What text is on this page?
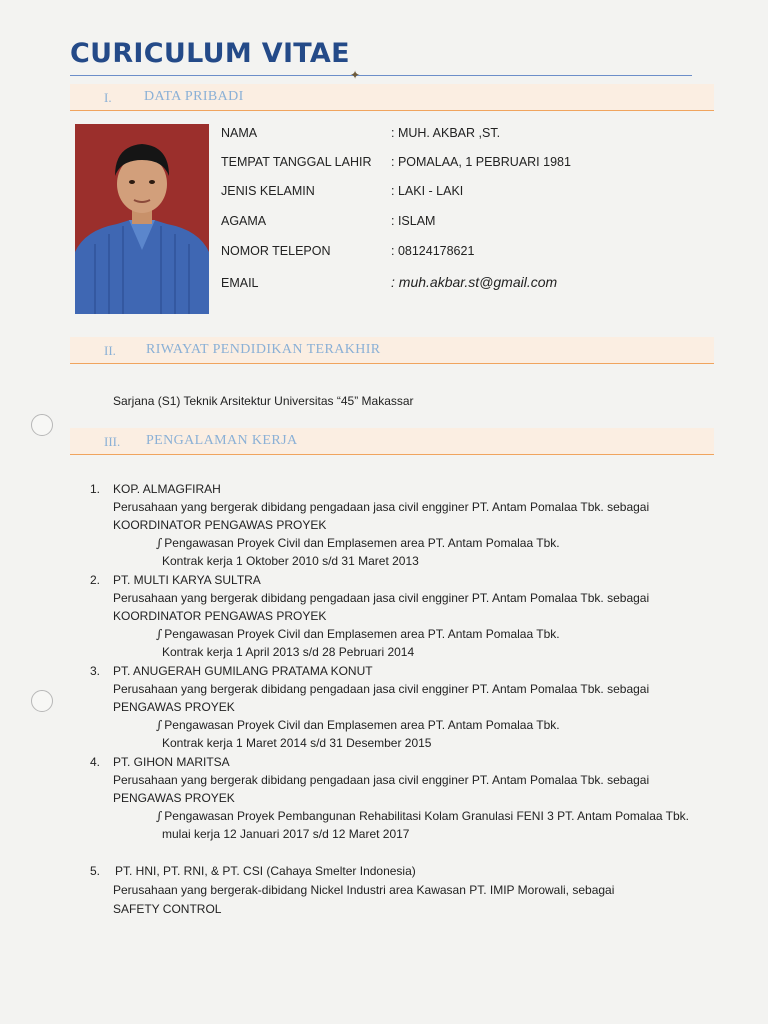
CURICULUM VITAE
✦
I. DATA PRIBADI
NAMA	: MUH. AKBAR ,ST.
TEMPAT TANGGAL LAHIR : POMALAA, 1 PEBRUARI 1981
JENIS KELAMIN	: LAKI - LAKI
AGAMA	: ISLAM
NOMOR TELEPON	: 08124178621
EMAIL	: muh.akbar.st@gmail.com
II. RIWAYAT PENDIDIKAN TERAKHIR
Sarjana (S1) Teknik Arsitektur Universitas “45” Makassar
III. PENGALAMAN KERJA
1. KOP. ALMAGFIRAH
Perusahaan yang bergerak dibidang pengadaan jasa civil engginer PT. Antam Pomalaa Tbk. sebagai
KOORDINATOR PENGAWAS PROYEK
∫ Pengawasan Proyek Civil dan Emplasemen area PT. Antam Pomalaa Tbk.
Kontrak kerja 1 Oktober 2010 s/d 31 Maret 2013
2. PT. MULTI KARYA SULTRA
Perusahaan yang bergerak dibidang pengadaan jasa civil engginer PT. Antam Pomalaa Tbk. sebagai
KOORDINATOR PENGAWAS PROYEK
∫ Pengawasan Proyek Civil dan Emplasemen area PT. Antam Pomalaa Tbk.
Kontrak kerja 1 April 2013 s/d 28 Pebruari 2014
3. PT. ANUGERAH GUMILANG PRATAMA KONUT
Perusahaan yang bergerak dibidang pengadaan jasa civil engginer PT. Antam Pomalaa Tbk. sebagai
PENGAWAS PROYEK
∫ Pengawasan Proyek Civil dan Emplasemen area PT. Antam Pomalaa Tbk.
Kontrak kerja 1 Maret 2014 s/d 31 Desember 2015
4. PT. GIHON MARITSA
Perusahaan yang bergerak dibidang pengadaan jasa civil engginer PT. Antam Pomalaa Tbk. sebagai
PENGAWAS PROYEK
∫ Pengawasan Proyek Pembangunan Rehabilitasi Kolam Granulasi FENI 3 PT. Antam Pomalaa Tbk.
mulai kerja 12 Januari 2017 s/d 12 Maret 2017
5. PT. HNI, PT. RNI, & PT. CSI (Cahaya Smelter Indonesia)
Perusahaan yang bergerak-dibidang Nickel Industri area Kawasan PT. IMIP Morowali, sebagai
SAFETY CONTROL
